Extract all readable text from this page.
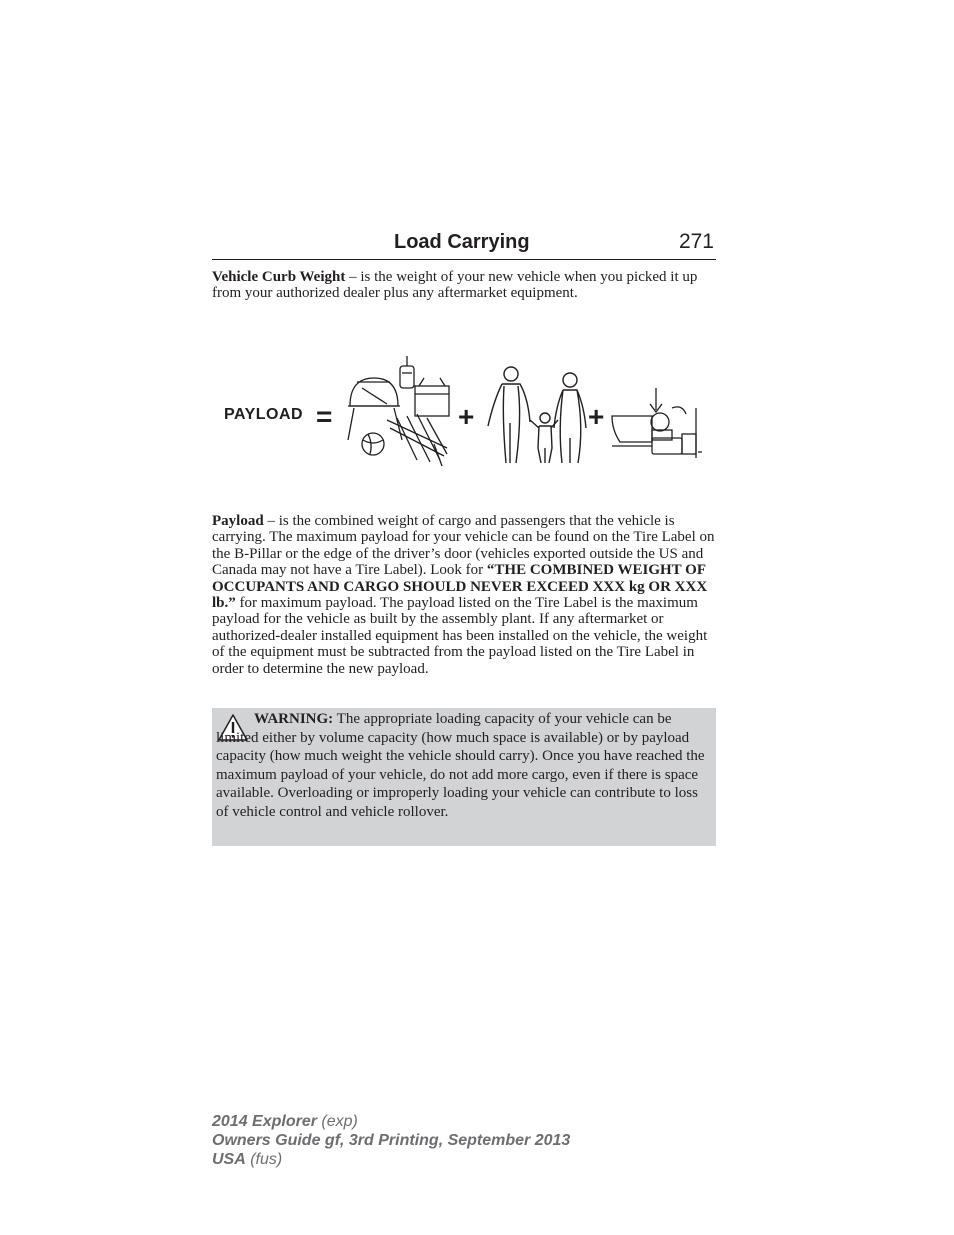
Load Carrying	271
Vehicle Curb Weight – is the weight of your new vehicle when you picked it up from your authorized dealer plus any aftermarket equipment.
PAYLOAD =	+	+
Payload – is the combined weight of cargo and passengers that the vehicle is carrying. The maximum payload for your vehicle can be found on the Tire Label on the B-Pillar or the edge of the driver’s door (vehicles exported outside the US and Canada may not have a Tire Label). Look for “THE COMBINED WEIGHT OF OCCUPANTS AND CARGO SHOULD NEVER EXCEED XXX kg OR XXX lb.” for maximum payload. The payload listed on the Tire Label is the maximum payload for the vehicle as built by the assembly plant. If any aftermarket or authorized-dealer installed equipment has been installed on the vehicle, the weight of the equipment must be subtracted from the payload listed on the Tire Label in order to determine the new payload.
WARNING: The appropriate loading capacity of your vehicle can be limited either by volume capacity (how much space is available) or by payload capacity (how much weight the vehicle should carry). Once you have reached the maximum payload of your vehicle, do not add more cargo, even if there is space available. Overloading or improperly loading your vehicle can contribute to loss of vehicle control and vehicle rollover.
2014 Explorer (exp)
Owners Guide gf, 3rd Printing, September 2013
USA (fus)
